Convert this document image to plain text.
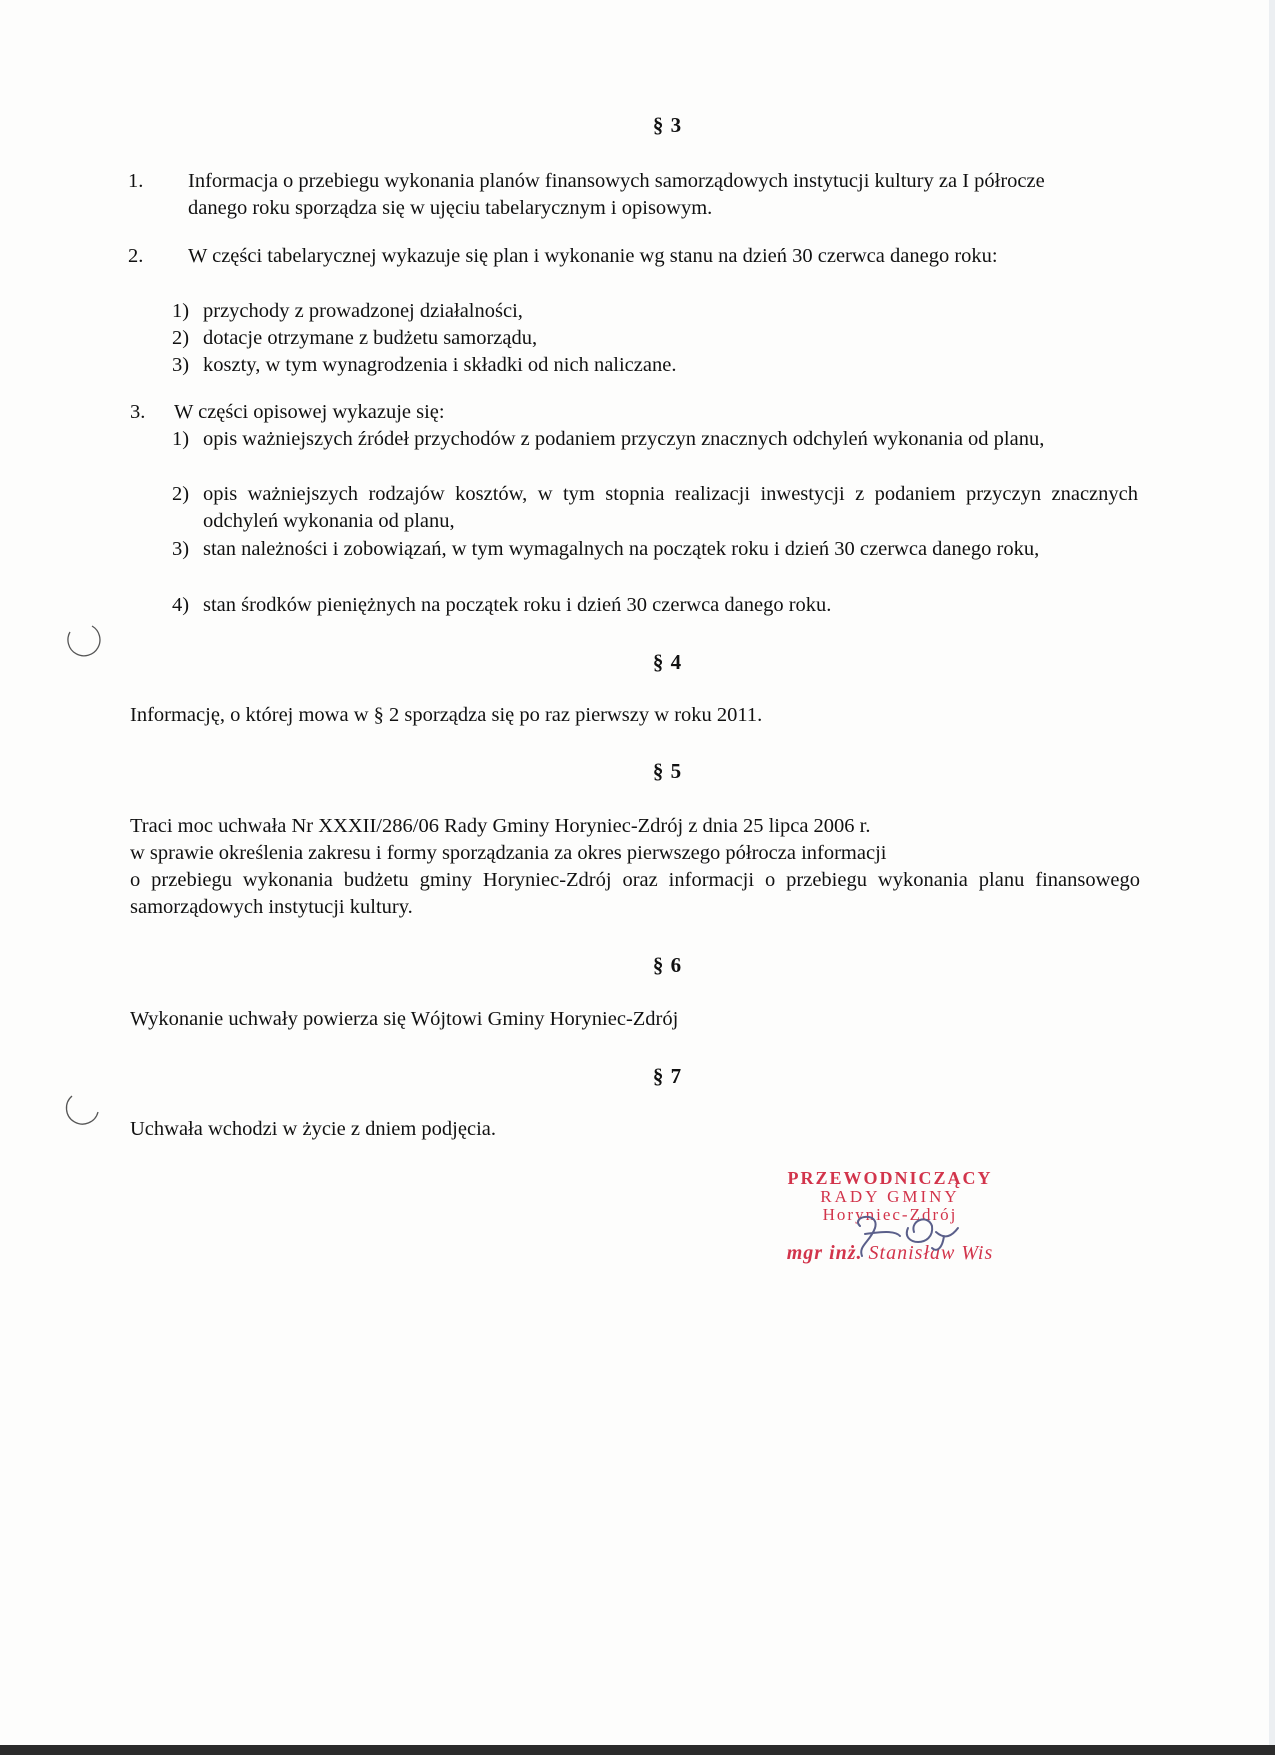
§ 3
1. Informacja o przebiegu wykonania planów finansowych samorządowych instytucji kultury za I półrocze danego roku sporządza się w ujęciu tabelarycznym i opisowym.
2. W części tabelarycznej wykazuje się plan i wykonanie wg stanu na dzień 30 czerwca danego roku:
1) przychody z prowadzonej działalności,
2) dotacje otrzymane z budżetu samorządu,
3) koszty, w tym wynagrodzenia i składki od nich naliczane.
3. W części opisowej wykazuje się:
1) opis ważniejszych źródeł przychodów z podaniem przyczyn znacznych odchyleń wykonania od planu,
2) opis ważniejszych rodzajów kosztów, w tym stopnia realizacji inwestycji z podaniem przyczyn znacznych odchyleń wykonania od planu,
3) stan należności i zobowiązań, w tym wymagalnych na początek roku i dzień 30 czerwca danego roku,
4) stan środków pieniężnych na początek roku i dzień 30 czerwca danego roku.
§ 4
Informację, o której mowa w § 2 sporządza się po raz pierwszy w roku 2011.
§ 5
Traci moc uchwała Nr XXXII/286/06 Rady Gminy Horyniec-Zdrój z dnia 25 lipca 2006 r.
w sprawie określenia zakresu i formy sporządzania za okres pierwszego półrocza informacji
o przebiegu wykonania budżetu gminy Horyniec-Zdrój oraz informacji o przebiegu wykonania planu finansowego samorządowych instytucji kultury.
§ 6
Wykonanie uchwały powierza się Wójtowi Gminy Horyniec-Zdrój
§ 7
Uchwała wchodzi w życie z dniem podjęcia.
PRZEWODNICZĄCY
RADY GMINY
Horyniec-Zdrój
mgr inż. Stanisław Wis
